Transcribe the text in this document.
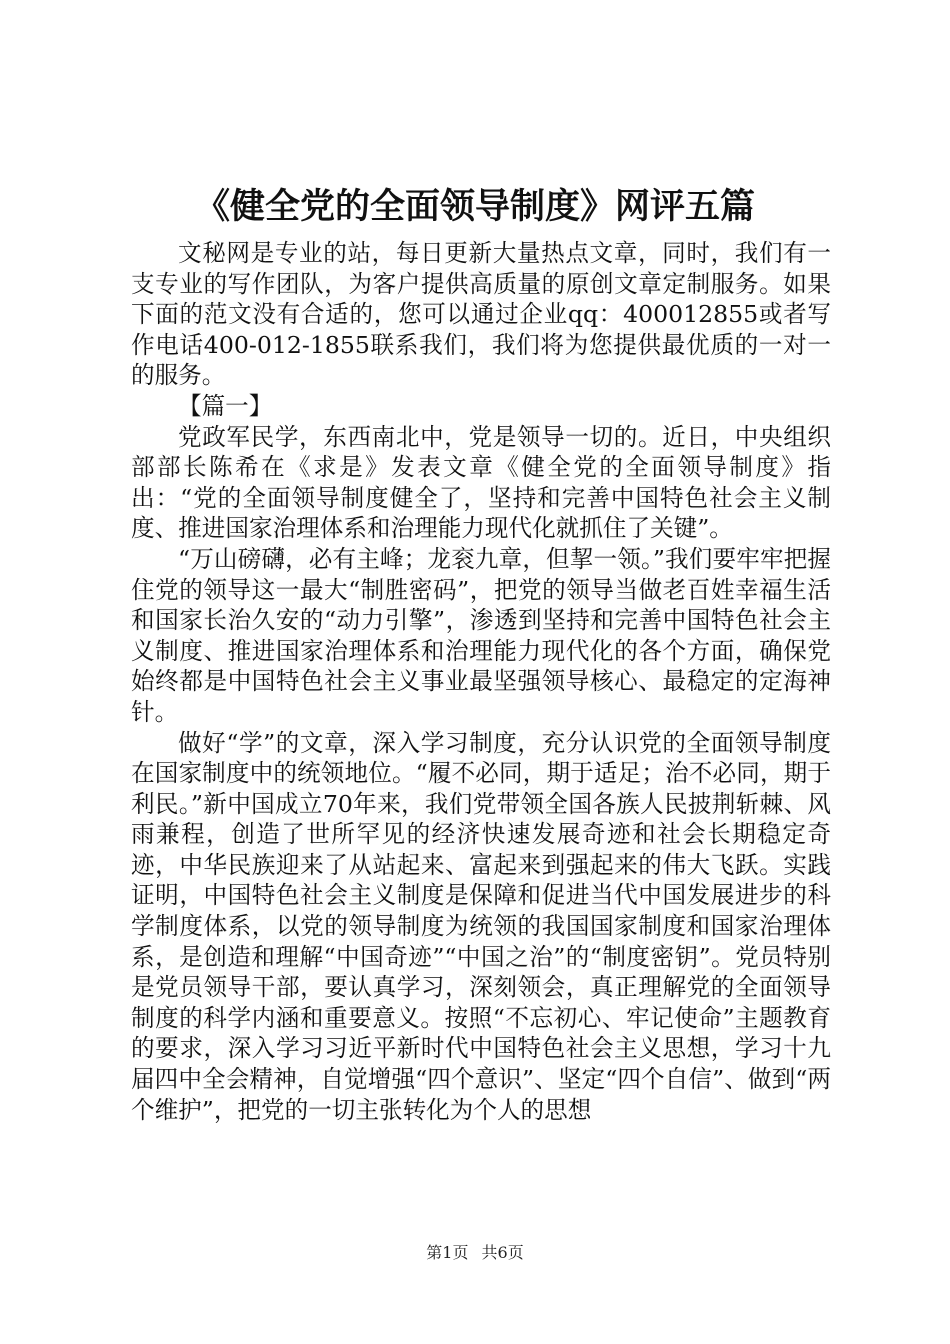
《健全党的全面领导制度》网评五篇

文秘网是专业的站，每日更新大量热点文章，同时，我们有一支专业的写作团队，为客户提供高质量的原创文章定制服务。如果下面的范文没有合适的，您可以通过企业qq：400012855或者写作电话400-012-1855联系我们，我们将为您提供最优质的一对一的服务。

【篇一】

党政军民学，东西南北中，党是领导一切的。近日，中央组织部部长陈希在《求是》发表文章《健全党的全面领导制度》指出：“党的全面领导制度健全了，坚持和完善中国特色社会主义制度、推进国家治理体系和治理能力现代化就抓住了关键”。

“万山磅礴，必有主峰；龙衮九章，但挈一领。”我们要牢牢把握住党的领导这一最大“制胜密码”，把党的领导当做老百姓幸福生活和国家长治久安的“动力引擎”，渗透到坚持和完善中国特色社会主义制度、推进国家治理体系和治理能力现代化的各个方面，确保党始终都是中国特色社会主义事业最坚强领导核心、最稳定的定海神针。

做好“学”的文章，深入学习制度，充分认识党的全面领导制度在国家制度中的统领地位。“履不必同，期于适足；治不必同，期于利民。”新中国成立70年来，我们党带领全国各族人民披荆斩棘、风雨兼程，创造了世所罕见的经济快速发展奇迹和社会长期稳定奇迹，中华民族迎来了从站起来、富起来到强起来的伟大飞跃。实践证明，中国特色社会主义制度是保障和促进当代中国发展进步的科学制度体系，以党的领导制度为统领的我国国家制度和国家治理体系，是创造和理解“中国奇迹”“中国之治”的“制度密钥”。党员特别是党员领导干部，要认真学习，深刻领会，真正理解党的全面领导制度的科学内涵和重要意义。按照“不忘初心、牢记使命”主题教育的要求，深入学习习近平新时代中国特色社会主义思想，学习十九届四中全会精神，自觉增强“四个意识”、坚定“四个自信”、做到“两个维护”，把党的一切主张转化为个人的思想

第1页 共6页
